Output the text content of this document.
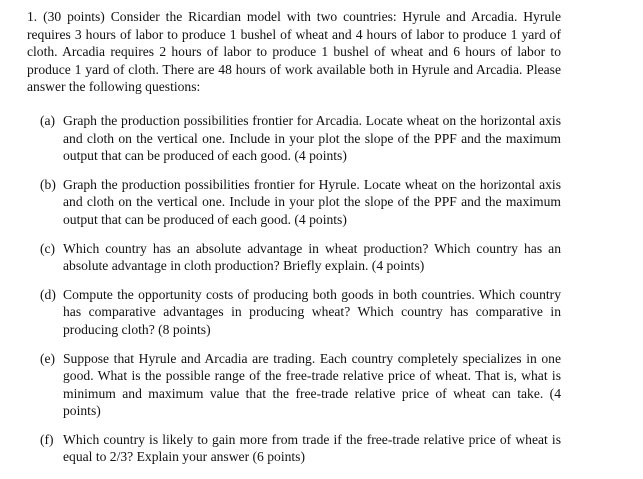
1. (30 points) Consider the Ricardian model with two countries: Hyrule and Arcadia. Hyrule requires 3 hours of labor to produce 1 bushel of wheat and 4 hours of labor to produce 1 yard of cloth. Arcadia requires 2 hours of labor to produce 1 bushel of wheat and 6 hours of labor to produce 1 yard of cloth. There are 48 hours of work available both in Hyrule and Arcadia. Please answer the following questions:

(a) Graph the production possibilities frontier for Arcadia. Locate wheat on the horizontal axis and cloth on the vertical one. Include in your plot the slope of the PPF and the maximum output that can be produced of each good. (4 points)
(b) Graph the production possibilities frontier for Hyrule. Locate wheat on the horizontal axis and cloth on the vertical one. Include in your plot the slope of the PPF and the maximum output that can be produced of each good. (4 points)
(c) Which country has an absolute advantage in wheat production? Which country has an absolute advantage in cloth production? Briefly explain. (4 points)
(d) Compute the opportunity costs of producing both goods in both countries. Which country has comparative advantages in producing wheat? Which country has comparative in producing cloth? (8 points)
(e) Suppose that Hyrule and Arcadia are trading. Each country completely specializes in one good. What is the possible range of the free-trade relative price of wheat. That is, what is minimum and maximum value that the free-trade relative price of wheat can take. (4 points)
(f) Which country is likely to gain more from trade if the free-trade relative price of wheat is equal to 2/3? Explain your answer (6 points)
